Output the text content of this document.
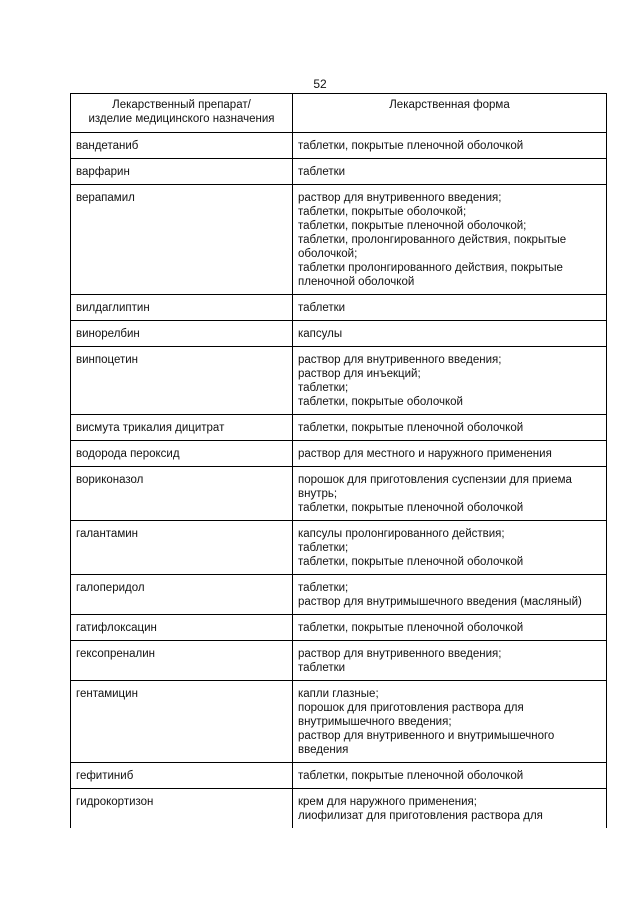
52
Лекарственный препарат/
изделие медицинского назначения	Лекарственная форма
вандетаниб	таблетки, покрытые пленочной оболочкой

варфарин	таблетки

верапамил	раствор для внутривенного введения;
таблетки, покрытые оболочкой;
таблетки, покрытые пленочной оболочкой;
таблетки, пролонгированного действия, покрытые оболочкой;
таблетки пролонгированного действия, покрытые пленочной оболочкой

вилдаглиптин	таблетки

винорелбин	капсулы

винпоцетин	раствор для внутривенного введения;
раствор для инъекций;
таблетки;
таблетки, покрытые оболочкой

висмута трикалия дицитрат	таблетки, покрытые пленочной оболочкой

водорода пероксид	раствор для местного и наружного применения

вориконазол	порошок для приготовления суспензии для приема внутрь;
таблетки, покрытые пленочной оболочкой

галантамин	капсулы пролонгированного действия;
таблетки;
таблетки, покрытые пленочной оболочкой

галоперидол	таблетки;
раствор для внутримышечного введения (масляный)

гатифлоксацин	таблетки, покрытые пленочной оболочкой

гексопреналин	раствор для внутривенного введения;
таблетки

гентамицин	капли глазные;
порошок для приготовления раствора для внутримышечного введения;
раствор для внутривенного и внутримышечного введения

гефитиниб	таблетки, покрытые пленочной оболочкой

гидрокортизон	крем для наружного применения;
лиофилизат для приготовления раствора для
